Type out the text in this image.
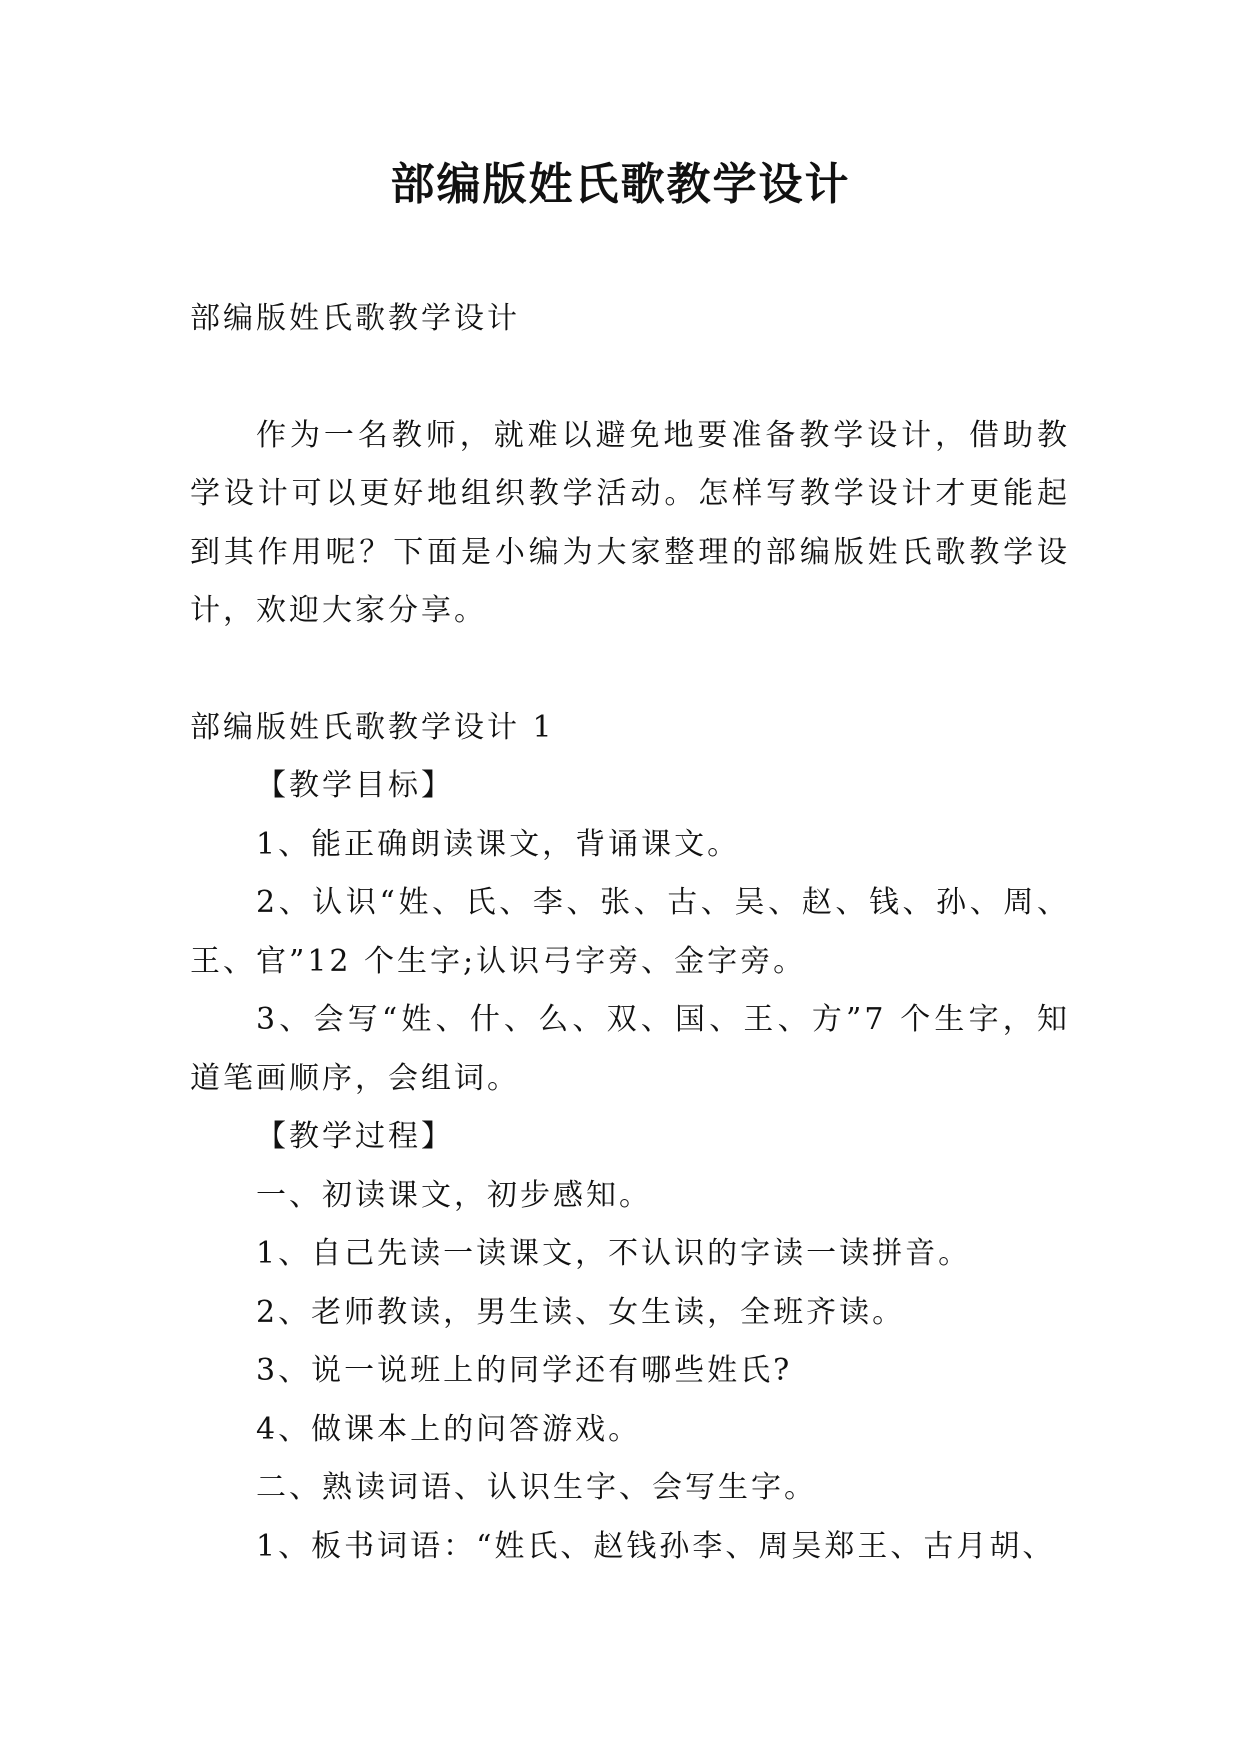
部编版姓氏歌教学设计

部编版姓氏歌教学设计

作为一名教师，就难以避免地要准备教学设计，借助教学设计可以更好地组织教学活动。怎样写教学设计才更能起到其作用呢？下面是小编为大家整理的部编版姓氏歌教学设计，欢迎大家分享。

部编版姓氏歌教学设计 1

【教学目标】

1、能正确朗读课文，背诵课文。

2、认识“姓、氏、李、张、古、吴、赵、钱、孙、周、王、官”12 个生字;认识弓字旁、金字旁。

3、会写“姓、什、么、双、国、王、方”7 个生字，知道笔画顺序，会组词。

【教学过程】

一、初读课文，初步感知。

1、自己先读一读课文，不认识的字读一读拼音。

2、老师教读，男生读、女生读，全班齐读。

3、说一说班上的同学还有哪些姓氏?

4、做课本上的问答游戏。

二、熟读词语、认识生字、会写生字。

1、板书词语：“姓氏、赵钱孙李、周吴郑王、古月胡、
